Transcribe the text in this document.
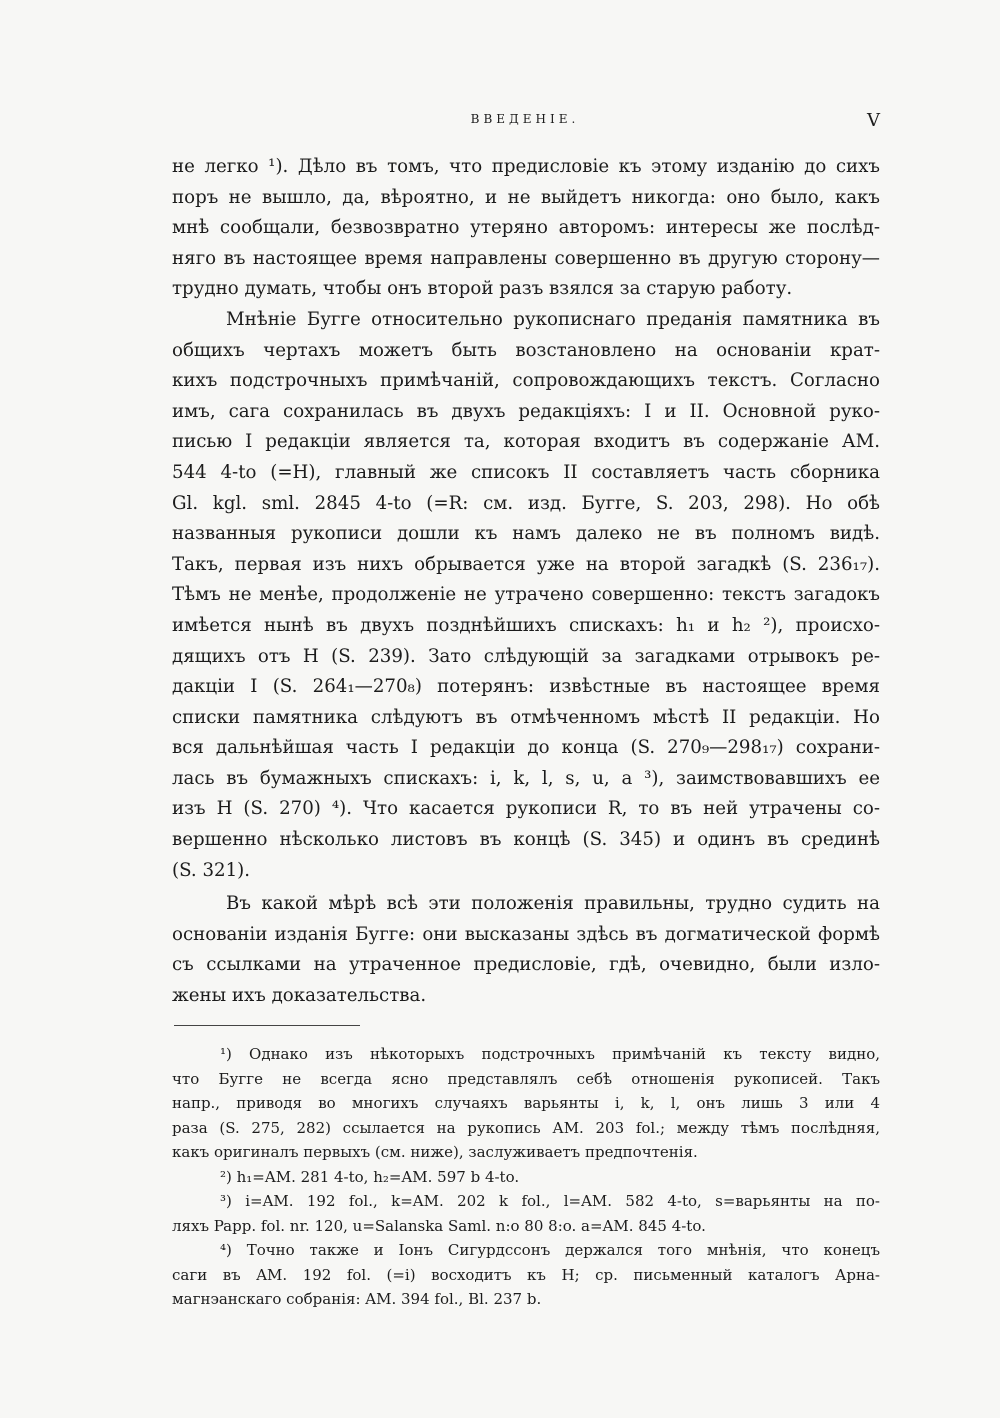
ВВЕДЕНІЕ.	V

не легко ¹). Дѣло въ томъ, что предисловіе къ этому изданію до сихъ
поръ не вышло, да, вѣроятно, и не выйдетъ никогда: оно было, какъ
мнѣ сообщали, безвозвратно утеряно авторомъ: интересы же послѣд-
няго въ настоящее время направлены совершенно въ другую сторону—
трудно думать, чтобы онъ второй разъ взялся за старую работу.

Мнѣніе Бугге относительно рукописнаго преданія памятника въ
общихъ чертахъ можетъ быть возстановлено на основаніи крат-
кихъ подстрочныхъ примѣчаній, сопровождающихъ текстъ. Согласно
имъ, сага сохранилась въ двухъ редакціяхъ: I и II. Основной руко-
писью I редакціи является та, которая входитъ въ содержаніе АМ.
544 4-to (=H), главный же списокъ II составляетъ часть сборника
Gl. kgl. sml. 2845 4-to (=R: см. изд. Бугге, S. 203, 298). Но обѣ
названныя рукописи дошли къ намъ далеко не въ полномъ видѣ.
Такъ, первая изъ нихъ обрывается уже на второй загадкѣ (S. 236₁₇).
Тѣмъ не менѣе, продолженіе не утрачено совершенно: текстъ загадокъ
имѣется нынѣ въ двухъ позднѣйшихъ спискахъ: h₁ и h₂ ²), происхо-
дящихъ отъ H (S. 239). Зато слѣдующій за загадками отрывокъ ре-
дакціи I (S. 264₁—270₈) потерянъ: извѣстные въ настоящее время
списки памятника слѣдуютъ въ отмѣченномъ мѣстѣ II редакціи. Но
вся дальнѣйшая часть I редакціи до конца (S. 270₉—298₁₇) сохрани-
лась въ бумажныхъ спискахъ: i, k, l, s, u, a ³), заимствовавшихъ ее
изъ H (S. 270) ⁴). Что касается рукописи R, то въ ней утрачены со-
вершенно нѣсколько листовъ въ концѣ (S. 345) и одинъ въ срединѣ
(S. 321).

Въ какой мѣрѣ всѣ эти положенія правильны, трудно судить на
основаніи изданія Бугге: они высказаны здѣсь въ догматической формѣ
съ ссылками на утраченное предисловіе, гдѣ, очевидно, были изло-
жены ихъ доказательства.

¹) Однако изъ нѣкоторыхъ подстрочныхъ примѣчаній къ тексту видно,
что Бугге не всегда ясно представлялъ себѣ отношенія рукописей. Такъ
напр., приводя во многихъ случаяхъ варьянты i, k, l, онъ лишь 3 или 4
раза (S. 275, 282) ссылается на рукопись АМ. 203 fol.; между тѣмъ послѣдняя,
какъ оригиналъ первыхъ (см. ниже), заслуживаетъ предпочтенія.
²) h₁=AM. 281 4-to, h₂=AM. 597 b 4-to.
³) i=AM. 192 fol., k=AM. 202 k fol., l=AM. 582 4-to, s=варьянты на по-
ляхъ Papp. fol. nr. 120, u=Salanska Saml. n:o 80 8:o. a=AM. 845 4-to.
⁴) Точно также и Іонъ Сигурдссонъ держался того мнѣнія, что конецъ
саги въ AM. 192 fol. (=i) восходитъ къ H; ср. письменный каталогъ Арна-
магнэанскаго собранія: AM. 394 fol., Bl. 237 b.
